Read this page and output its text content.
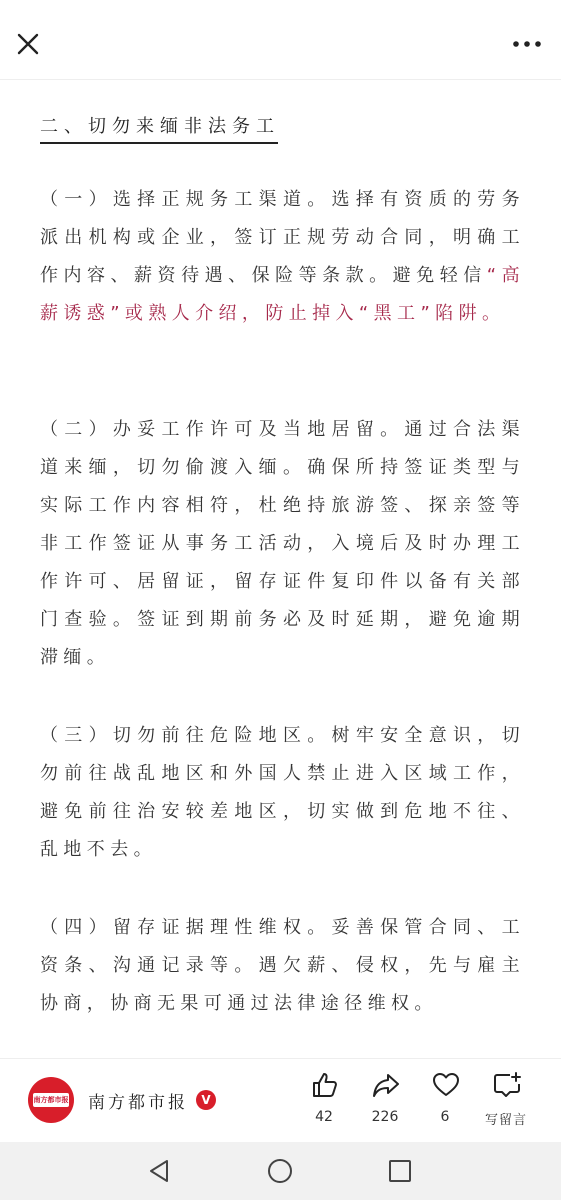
二、切勿来缅非法务工
（一）选择正规务工渠道。选择有资质的劳务派出机构或企业，签订正规劳动合同，明确工作内容、薪资待遇、保险等条款。避免轻信“高薪诱惑”或熟人介绍，防止掉入“黑工”陷阱。
（二）办妥工作许可及当地居留。通过合法渠道来缅，切勿偷渡入缅。确保所持签证类型与实际工作内容相符，杜绝持旅游签、探亲签等非工作签证从事务工活动，入境后及时办理工作许可、居留证，留存证件复印件以备有关部门查验。签证到期前务必及时延期，避免逾期滞缅。
（三）切勿前往危险地区。树牢安全意识，切勿前往战乱地区和外国人禁止进入区域工作，避免前往治安较差地区，切实做到危地不往、乱地不去。
（四）留存证据理性维权。妥善保管合同、工资条、沟通记录等。遇欠薪、侵权，先与雇主协商，协商无果可通过法律途径维权。
南方都市报 南方都市报	V
42	226	6	写留言
